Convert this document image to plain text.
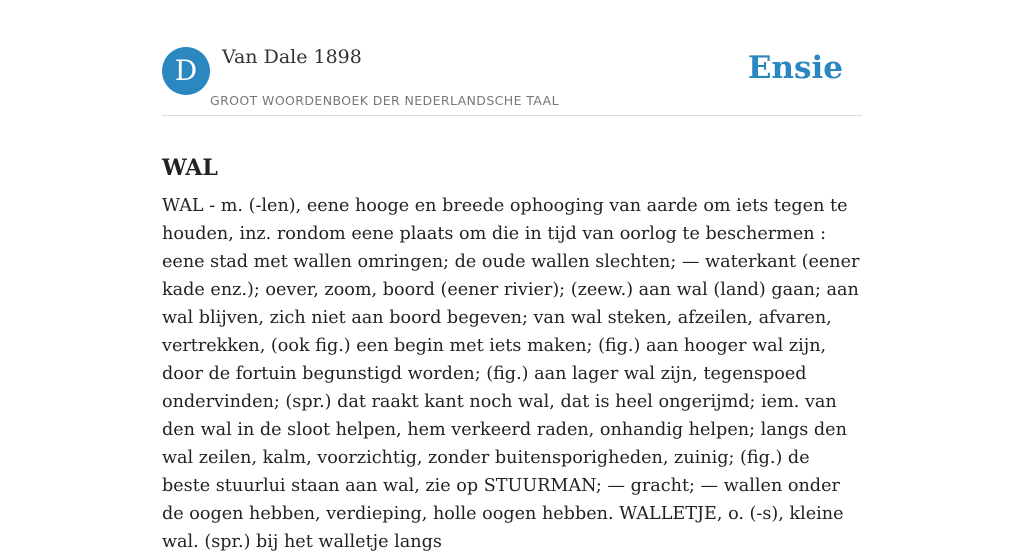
D	Van Dale 1898
GROOT WOORDENBOEK DER NEDERLANDSCHE TAAL
Ensie
WAL

WAL - m. (-len), eene hooge en breede ophooging van aarde om iets tegen te houden, inz. rondom eene plaats om die in tijd van oorlog te beschermen : eene stad met wallen omringen; de oude wallen slechten; — waterkant (eener kade enz.); oever, zoom, boord (eener rivier); (zeew.) aan wal (land) gaan; aan wal blijven, zich niet aan boord begeven; van wal steken, afzeilen, afvaren, vertrekken, (ook fig.) een begin met iets maken; (fig.) aan hooger wal zijn, door de fortuin begunstigd worden; (fig.) aan lager wal zijn, tegenspoed ondervinden; (spr.) dat raakt kant noch wal, dat is heel ongerijmd; iem. van den wal in de sloot helpen, hem verkeerd raden, onhandig helpen; langs den wal zeilen, kalm, voorzichtig, zonder buitensporigheden, zuinig; (fig.) de beste stuurlui staan aan wal, zie op STUURMAN; — gracht; — wallen onder de oogen hebben, verdieping, holle oogen hebben. WALLETJE, o. (-s), kleine wal. (spr.) bij het walletje langs
